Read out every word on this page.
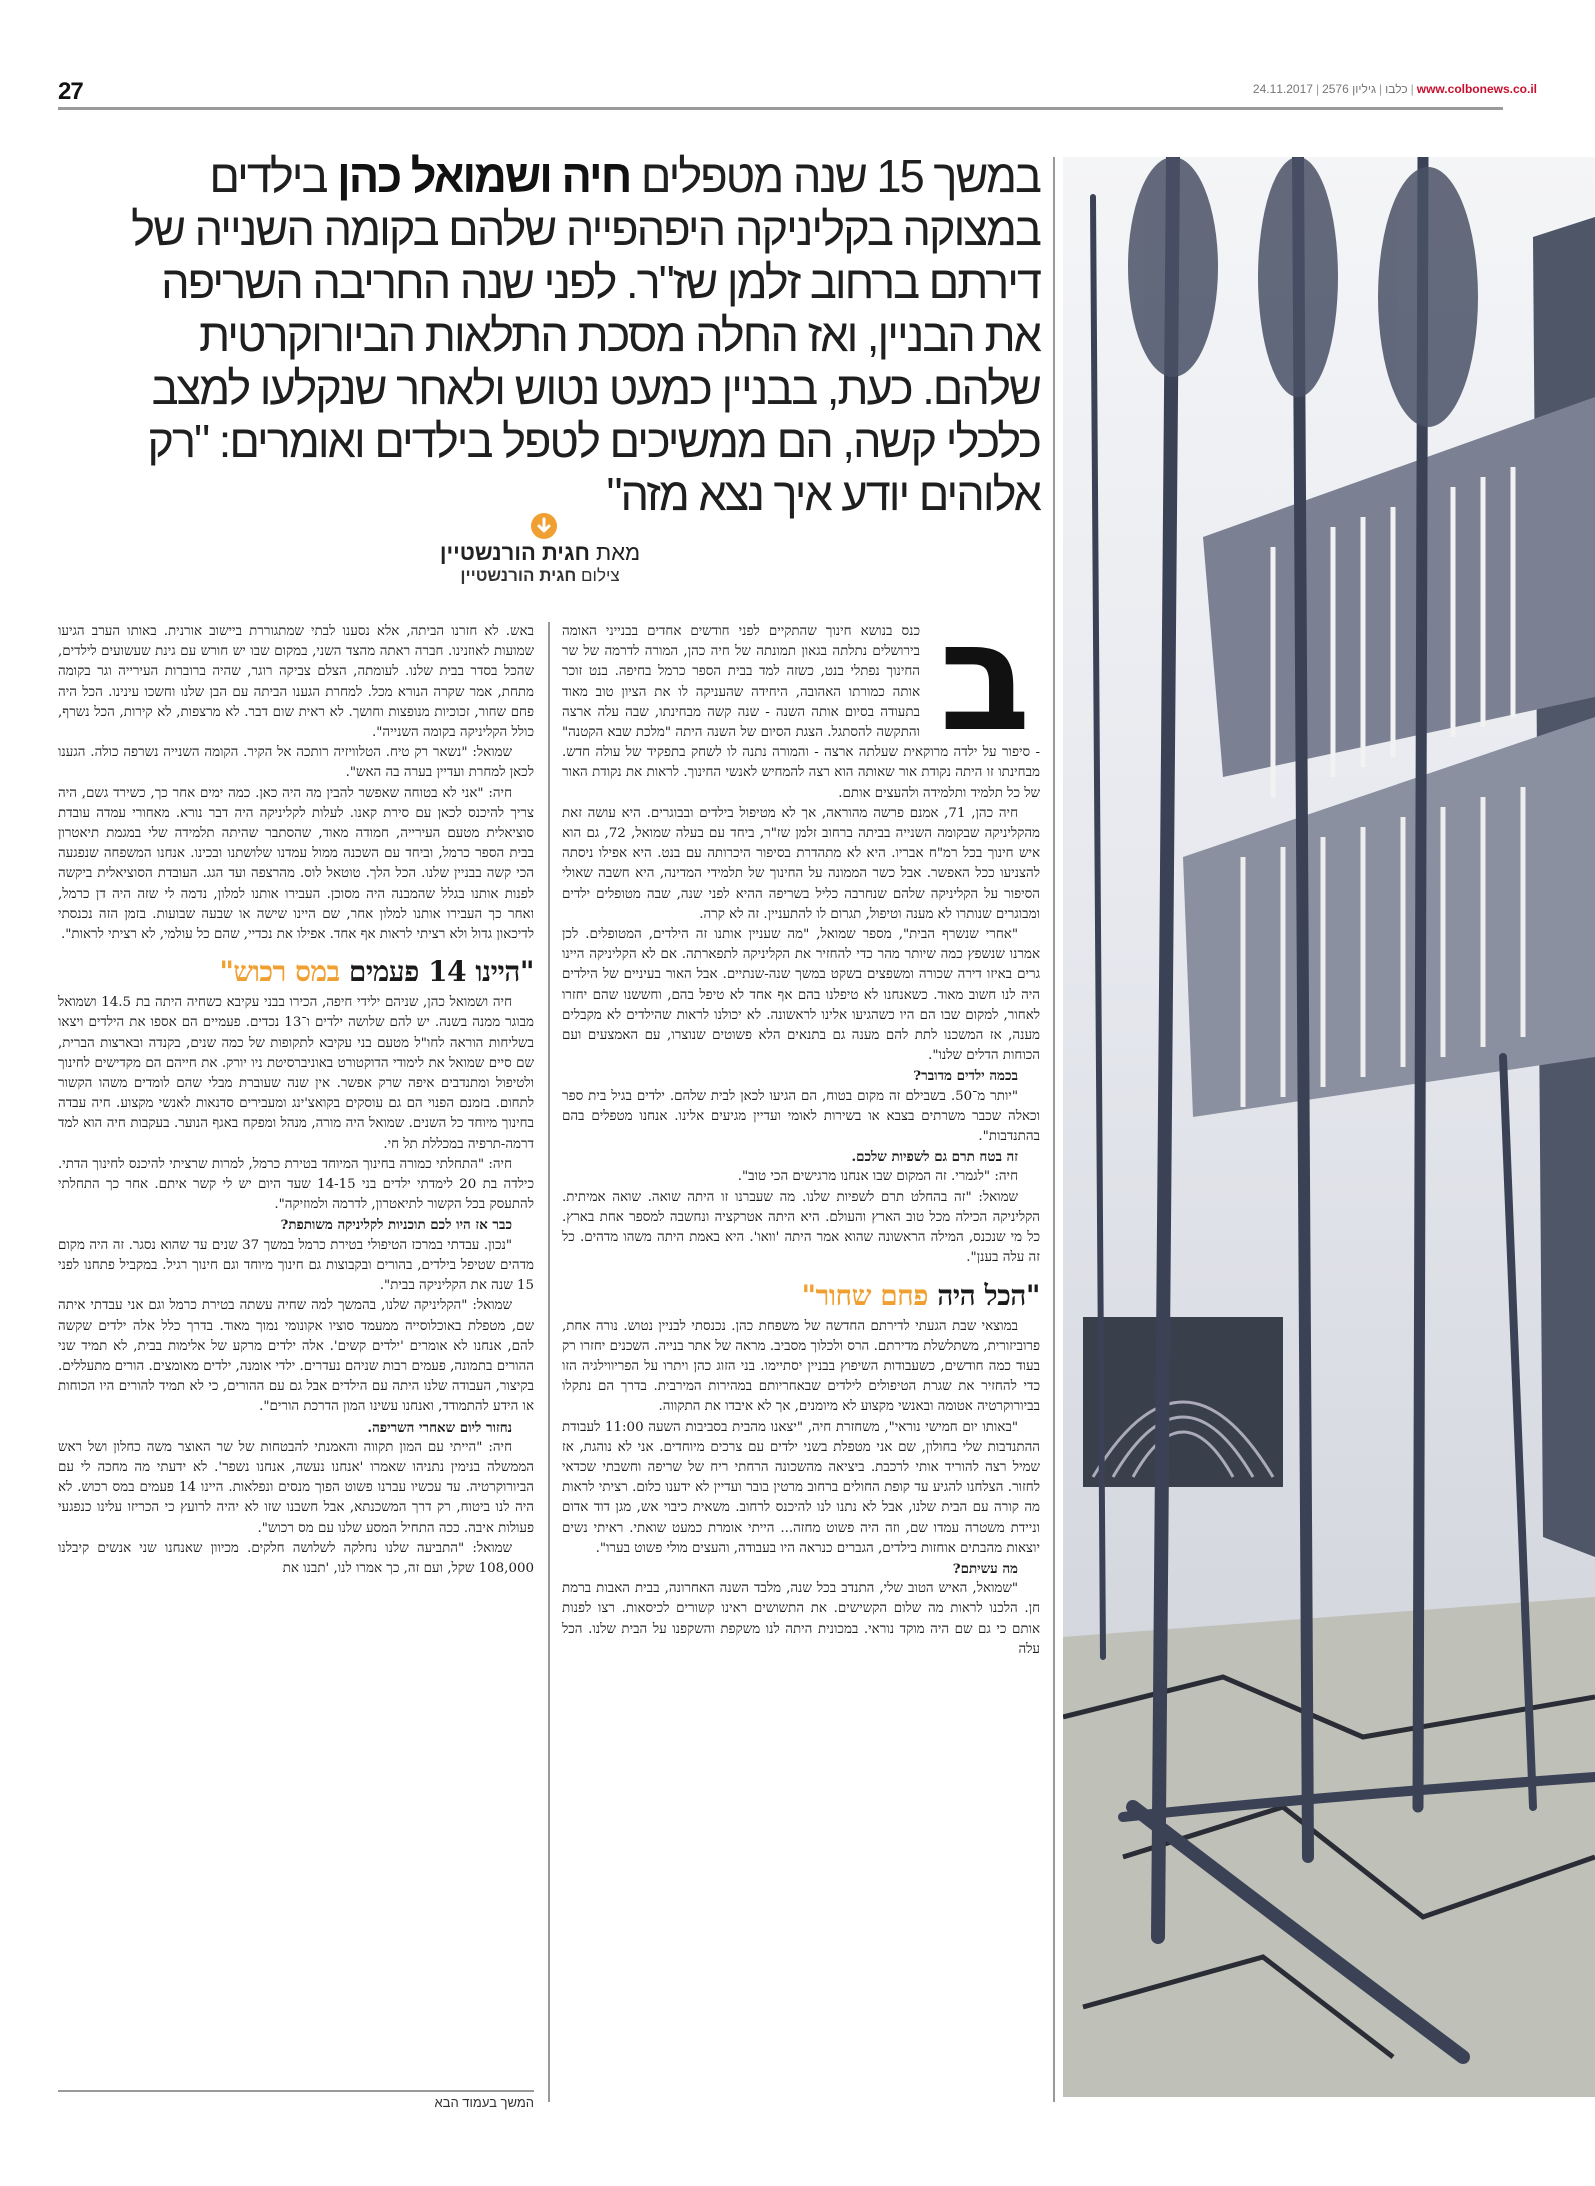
27	24.11.2017 | גיליון 2576 | כלבו | www.colbonews.co.il
במשך 15 שנה מטפלים חיה ושמואל כהן בילדים במצוקה בקליניקה היפהפייה שלהם בקומה השנייה של דירתם ברחוב זלמן שז"ר. לפני שנה החריבה השריפה את הבניין, ואז החלה מסכת התלאות הביורוקרטית שלהם. כעת, בבניין כמעט נטוש ולאחר שנקלעו למצב כלכלי קשה, הם ממשיכים לטפל בילדים ואומרים: "רק אלוהים יודע איך נצא מזה"
מאת חגית הורנשטיין
צילום חגית הורנשטיין
ב

כנס בנושא חינוך שהתקיים לפני חודשים אחדים בבנייני האומה בירושלים נתלתה בגאון תמונתה של חיה כהן, המורה לדרמה של שר החינוך נפתלי בנט, כשזה למד בבית הספר כרמל בחיפה. בנט זוכר אותה כמורתו האהובה, היחידה שהעניקה לו את הציון טוב מאוד בתעודה בסיום אותה השנה - שנה קשה מבחינתו, שבה עלה ארצה והתקשה להסתגל. הצגת הסיום של השנה היתה "מלכת שבא הקטנה" - סיפור על ילדה מרוקאית שעלתה ארצה - והמורה נתנה לו לשחק בתפקיד של עולה חדש. מבחינתו זו היתה נקודת אור שאותה הוא רצה להמחיש לאנשי החינוך. לראות את נקודת האור של כל תלמיד ותלמידה ולהעצים אותם.

חיה כהן, 71, אמנם פרשה מהוראה, אך לא מטיפול בילדים ובבוגרים. היא עושה זאת מהקליניקה שבקומה השנייה בביתה ברחוב זלמן שז"ר, ביחד עם בעלה שמואל, 72, גם הוא איש חינוך בכל רמ"ח אבריו. היא לא מתהדרת בסיפור היכרותה עם בנט. היא אפילו ניסתה להצניעו ככל האפשר. אבל כשר הממונה על החינוך של תלמידי המדינה, היא חשבה שאולי הסיפור על הקליניקה שלהם שנחרבה כליל בשריפה ההיא לפני שנה, שבה מטופלים ילדים ומבוגרים שנותרו לא מענה וטיפול, תגרום לו להתעניין. זה לא קרה.

"אחרי שנשרף הבית", מספר שמואל, "מה שעניין אותנו זה הילדים, המטופלים. לכן אמרנו שנשפץ כמה שיותר מהר כדי להחזיר את הקליניקה לתפארתה. אם לא הקליניקה היינו גרים באיזו דירה שכורה ומשפצים בשקט במשך שנה-שנתיים. אבל האור בעיניים של הילדים היה לנו חשוב מאוד. כשאנחנו לא טיפלנו בהם אף אחד לא טיפל בהם, וחששנו שהם יחזרו לאחור, למקום שבו הם היו כשהגיעו אלינו לראשונה. לא יכולנו לראות שהילדים לא מקבלים מענה, אז המשכנו לתת להם מענה גם בתנאים הלא פשוטים שנוצרו, עם האמצעים ועם הכוחות הדלים שלנו".

בכמה ילדים מדובר?

"יותר מ־50. בשבילם זה מקום בטוח, הם הגיעו לכאן לבית שלהם. ילדים בגיל בית ספר וכאלה שכבר משרתים בצבא או בשירות לאומי ועדיין מגיעים אלינו. אנחנו מטפלים בהם בהתנדבות".

זה בטח תרם גם לשפיות שלכם.

חיה: "לגמרי. זה המקום שבו אנחנו מרגישים הכי טוב".

שמואל: "זה בהחלט תרם לשפיות שלנו. מה שעברנו זו היתה שואה. שואה אמיתית. הקליניקה הכילה מכל טוב הארץ והעולם. היא היתה אטרקציה ונחשבה למספר אחת בארץ. כל מי שנכנס, המילה הראשונה שהוא אמר היתה 'וואו'. היא באמת היתה משהו מדהים. כל זה עלה בענן".

"הכל היה פחם שחור"

במוצאי שבת הגעתי לדירתם החדשה של משפחת כהן. נכנסתי לבניין נטוש. נורה אחת, פרוביזורית, משתלשלת מדירתם. הרס ולכלוך מסביב. מראה של אתר בנייה. השכנים יחזרו רק בעוד כמה חודשים, כשעבודות השיפוץ בבניין יסתיימו. בני הזוג כהן ויתרו על הפריווילגיה הזו כדי להחזיר את שגרת הטיפולים לילדים שבאחריותם במהירות המירבית. בדרך הם נתקלו בביורוקרטיה אטומה ובאנשי מקצוע לא מיומנים, אך לא איבדו את התקווה.

"באותו יום חמישי נוראי", משחזרת חיה, "יצאנו מהבית בסביבות השעה 11:00 לעבודת ההתנדבות שלי בחולון, שם אני מטפלת בשני ילדים עם צרכים מיוחדים. אני לא נוהגת, אז שמיל רצה להוריד אותי לרכבת. ביציאה מהשכונה הרחתי ריח של שריפה וחשבתי שכדאי לחזור. הצלחנו להגיע עד קופת החולים ברחוב מרטין בובר ועדיין לא ידענו כלום. רציתי לראות מה קורה עם הבית שלנו, אבל לא נתנו לנו להיכנס לרחוב. משאית כיבוי אש, מגן דוד אדום וניידת משטרה עמדו שם, וזה היה פשוט מחזה... הייתי אומרת כמעט שואתי. ראיתי נשים יוצאות מהבתים אוחזות בילדים, הגברים כנראה היו בעבודה, והעצים מולי פשוט בערו".

מה עשיתם?

"שמואל, האיש הטוב שלי, התנדב בכל שנה, מלבד השנה האחרונה, בבית האבות ברמת חן. הלכנו לראות מה שלום הקשישים. את התשושים ראינו קשורים לכיסאות. רצו לפנות אותם כי גם שם היה מוקד נוראי. במכונית היתה לנו משקפת והשקפנו על הבית שלנו. הכל עלה

באש. לא חזרנו הביתה, אלא נסענו לבתי שמתגוררת ביישוב אורנית. באותו הערב הגיעו שמועות לאוזנינו. חברה ראתה מהצד השני, במקום שבו יש חורש עם גינת שעשועים לילדים, שהכל בסדר בבית שלנו. לעומתה, הצלם צביקה רוגר, שהיה ברוברות העירייה וגר בקומה מתחת, אמר שקרה הנורא מכל. למחרת הגענו הביתה עם הבן שלנו וחשכו עינינו. הכל היה פחם שחור, זכוכיות מנופצות וחושך. לא ראית שום דבר. לא מרצפות, לא קירות, הכל נשרף, כולל הקליניקה בקומה השנייה".

שמואל: "נשאר רק טיח. הטלוויזיה רותכה אל הקיר. הקומה השנייה נשרפה כולה. הגענו לכאן למחרת ועדיין בערה בה האש".

חיה: "אני לא בטוחה שאפשר להבין מה היה כאן. כמה ימים אחר כך, כשירד גשם, היה צריך להיכנס לכאן עם סירת קאנו. לעלות לקליניקה היה דבר נורא. מאחורי עמדה עובדת סוציאלית מטעם העירייה, חמודה מאוד, שהסתבר שהיתה תלמידה שלי במגמת תיאטרון בבית הספר כרמל, וביחד עם השכנה ממול עמדנו שלושתנו ובכינו. אנחנו המשפחה שנפגעה הכי קשה בבניין שלנו. הכל הלך. טוטאל לוס. מהרצפה ועד הגג. העובדת הסוציאלית ביקשה לפנות אותנו בגלל שהמבנה היה מסוכן. העבירו אותנו למלון, נדמה לי שזה היה דן כרמל, ואחר כך העבירו אותנו למלון אחר, שם היינו שישה או שבעה שבועות. בזמן הזה נכנסתי לדיכאון גדול ולא רציתי לראות אף אחד. אפילו את נכדיי, שהם כל עולמי, לא רציתי לראות".

"היינו 14 פעמים במס רכוש"

חיה ושמואל כהן, שניהם ילידי חיפה, הכירו בבני עקיבא כשחיה היתה בת 14.5 ושמואל מבוגר ממנה בשנה. יש להם שלושה ילדים ו־13 נכדים. פעמיים הם אספו את הילדים ויצאו בשליחות הוראה לחו"ל מטעם בני עקיבא לתקופות של כמה שנים, בקנדה ובארצות הברית, שם סיים שמואל את לימודי הדוקטורט באוניברסיטת ניו יורק. את חייהם הם מקדישים לחינוך ולטיפול ומתנדבים איפה שרק אפשר. אין שנה שעוברת מבלי שהם לומדים משהו הקשור לתחום. בזמנם הפנוי הם גם עוסקים בקואצ'ינג ומעבירים סדנאות לאנשי מקצוע. חיה עבדה בחינוך מיוחד כל השנים. שמואל היה מורה, מנהל ומפקח באגף הנוער. בעקבות חיה הוא למד דרמה-תרפיה במכללת תל חי.

חיה: "התחלתי כמורה בחינוך המיוחד בטירת כרמל, למרות שרציתי להיכנס לחינוך הדתי. כילדה בת 20 לימדתי ילדים בני 14-15 שעד היום יש לי קשר איתם. אחר כך התחלתי להתעסק בכל הקשור לתיאטרון, לדרמה ולמוזיקה".

כבר אז היו לכם תוכניות לקליניקה משותפת?

"נכון. עבדתי במרכז הטיפולי בטירת כרמל במשך 37 שנים עד שהוא נסגר. זה היה מקום מדהים שטיפל בילדים, בהורים ובקבוצות גם חינוך מיוחד וגם חינוך רגיל. במקביל פתחנו לפני 15 שנה את הקליניקה בבית".

שמואל: "הקליניקה שלנו, בהמשך למה שחיה עשתה בטירת כרמל וגם אני עבדתי איתה שם, מטפלת באוכלוסייה ממעמד סוציו אקונומי נמוך מאוד. בדרך כלל אלה ילדים שקשה להם, אנחנו לא אומרים 'ילדים קשים'. אלה ילדים מרקע של אלימות בבית, לא תמיד שני ההורים בתמונה, פעמים רבות שניהם נעדרים. ילדי אומנה, ילדים מאומצים. הורים מתעללים. בקיצור, העבודה שלנו היתה עם הילדים אבל גם עם ההורים, כי לא תמיד להורים היו הכוחות או הידע להתמודד, ואנחנו עשינו המון הדרכת הורים".

נחזור ליום שאחרי השריפה.

חיה: "הייתי עם המון תקווה והאמנתי להבטחות של שר האוצר משה כחלון ושל ראש הממשלה בנימין נתניהו שאמרו 'אנחנו נעשה, אנחנו נשפר'. לא ידעתי מה מחכה לי עם הביורוקרטיה. עד עכשיו עברנו פשוט הפוך מנסים ונפלאות. היינו 14 פעמים במס רכוש. לא היה לנו ביטוח, רק דרך המשכנתא, אבל חשבנו שזו לא יהיה לרועץ כי הכריזו עלינו כנפגעי פעולות איבה. ככה התחיל המסע שלנו עם מס רכוש".

שמואל: "התביעה שלנו נחלקה לשלושה חלקים. מכיוון שאנחנו שני אנשים קיבלנו 108,000 שקל, ועם זה, כך אמרו לנו, 'תבנו את

המשך בעמוד הבא
